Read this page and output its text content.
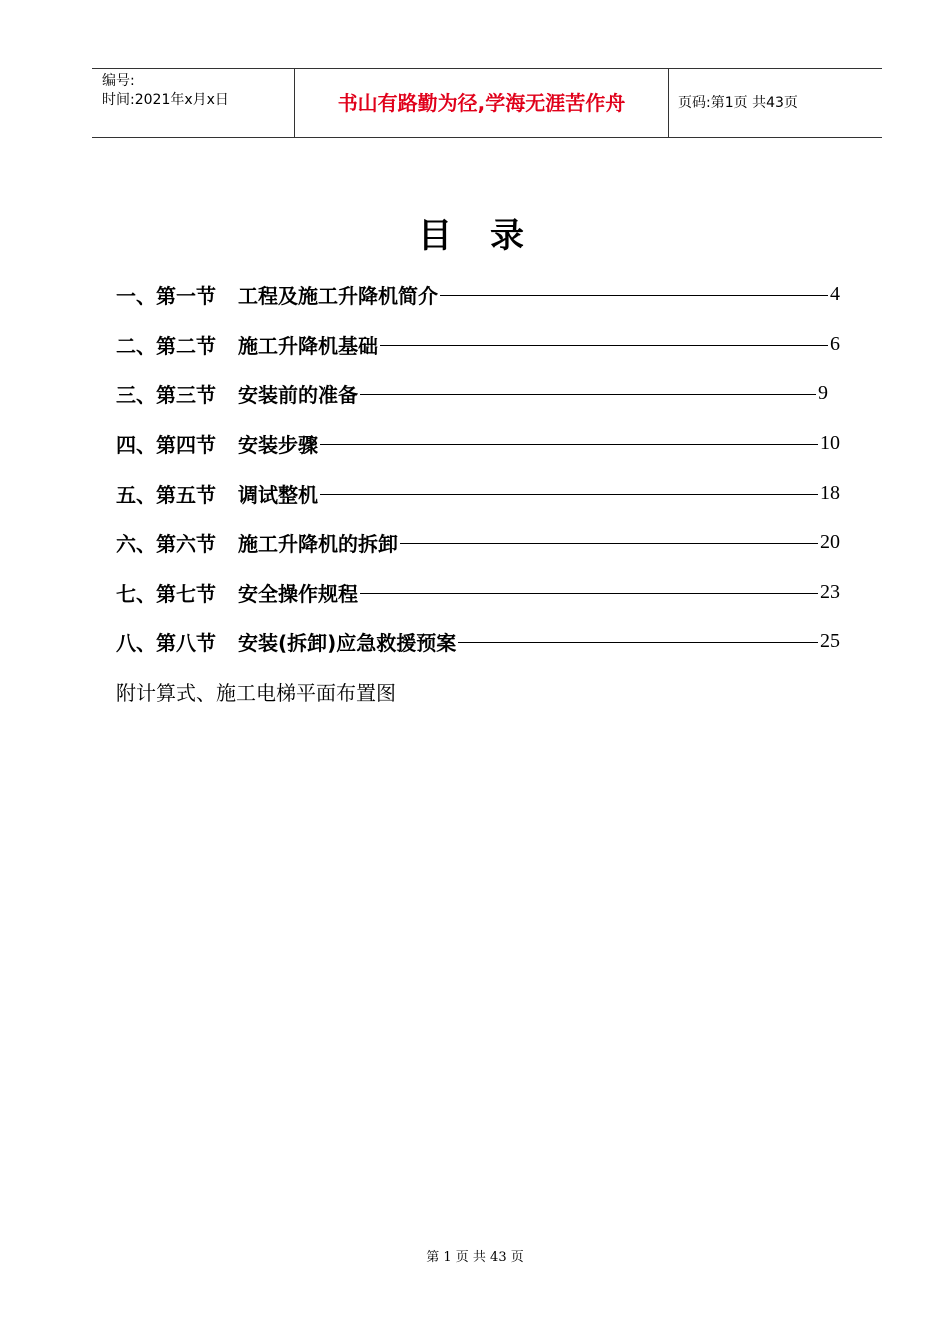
编号:
时间:2021年x月x日	书山有路勤为径,学海无涯苦作舟	页码:第1页 共43页
目录
一、第一节 工程及施工升降机简介	4
二、第二节 施工升降机基础	6
三、第三节 安装前的准备	9
四、第四节 安装步骤	10
五、第五节 调试整机	18
六、第六节 施工升降机的拆卸	20
七、第七节 安全操作规程	23
八、第八节 安装(拆卸)应急救援预案	25
附计算式、施工电梯平面布置图
第 1 页 共 43 页
